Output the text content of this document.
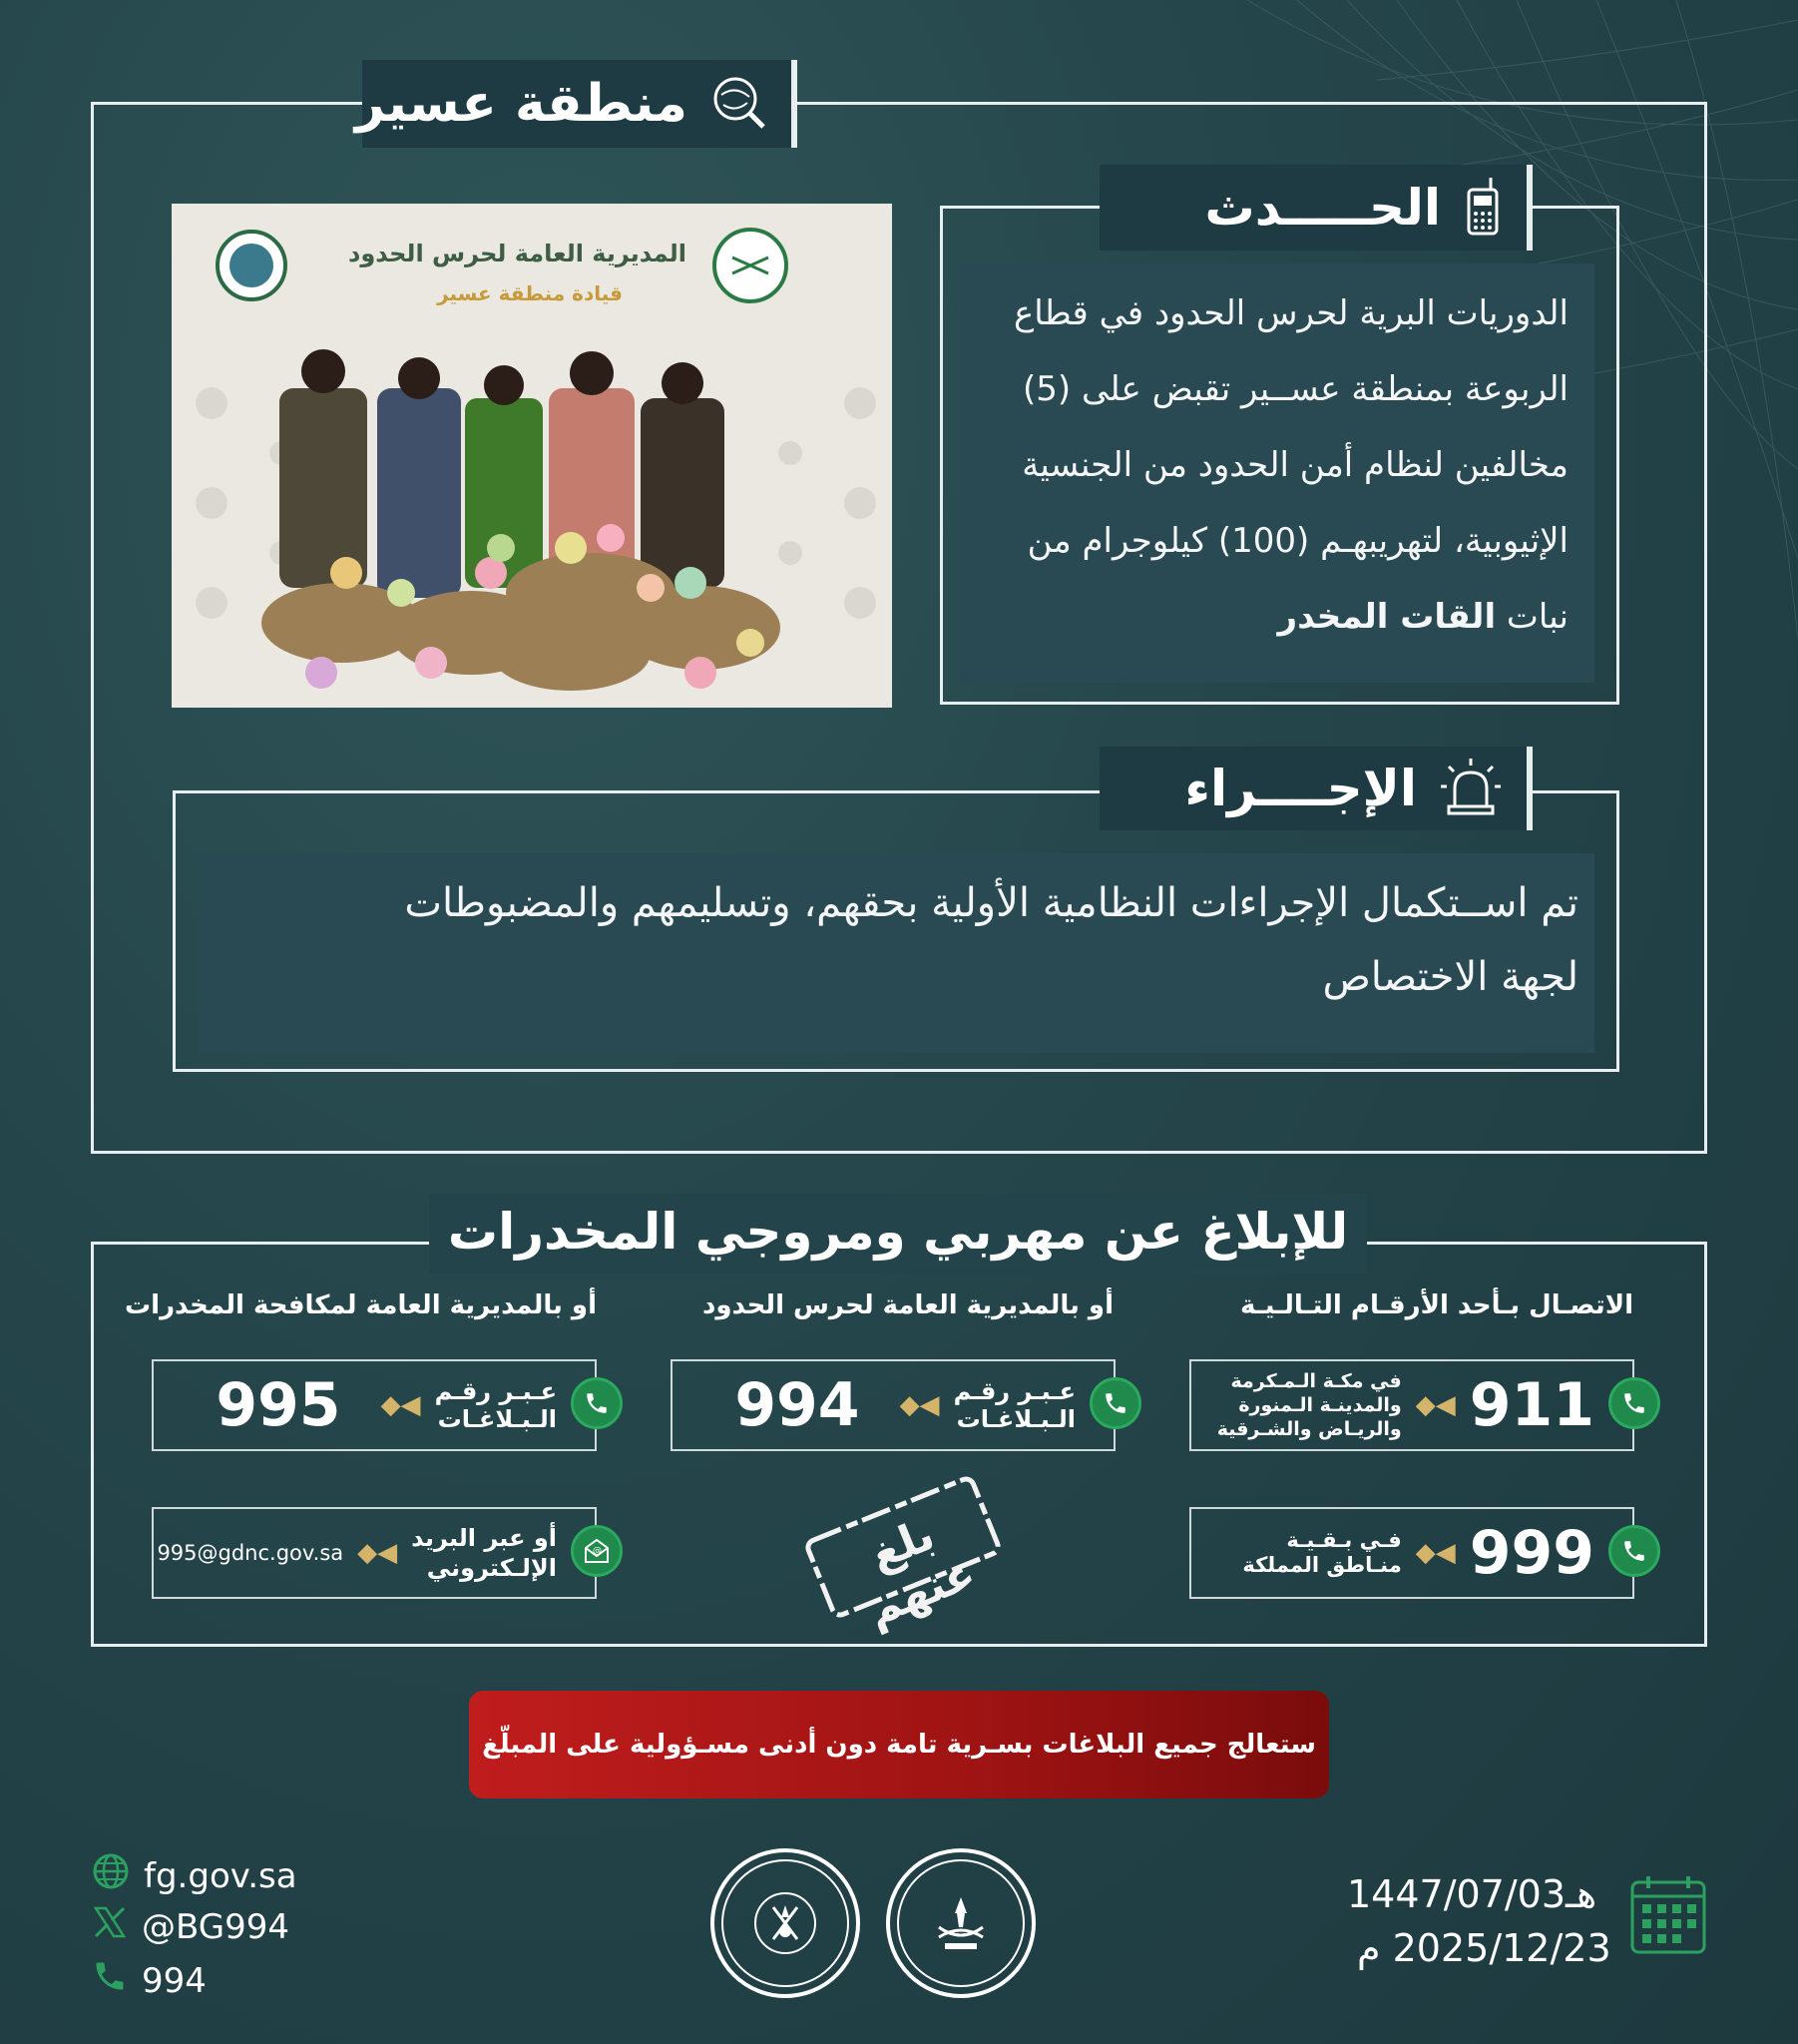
منطقة عسير
المديرية العامة لحرس الحدود
قيادة منطقة عسير
الحـــــدث
الدوريات البرية لحرس الحدود في قطاع
الربوعة بمنطقة عســير تقبض على (5)
مخالفين لنظام أمن الحدود من الجنسية
الإثيوبية، لتهريبهـم (100) كيلوجرام من
نبات القات المخدر
الإجــــراء
تم اســتكمال الإجراءات النظامية الأولية بحقهم، وتسليمهم والمضبوطات
لجهة الاختصاص
للإبلاغ عن مهربي ومروجي المخدرات
الاتصـال بـأحد الأرقـام التـالـيـة
أو بالمديرية العامة لحرس الحدود
أو بالمديرية العامة لمكافحة المخدرات
911
◆◀
في مكـة الـمـكرمة
والمدينـة الـمنورة
والريـاض والشـرقية
999
◆◀
فـي بـقـيـة
منـاطق المملكة
عـبـر رقـم
الـبـلاغـات
◆◀
994
عـبـر رقـم
الـبـلاغـات
◆◀
995
أو عبر البريد
الإلـكتروني
◆◀
995@gdnc.gov.sa	@	بلغ عنهم
ستعالج جميع البلاغات بسـرية تامة دون أدنى مسـؤولية على المبلّغ
fg.gov.sa
@BG994
994
1447/07/03هـ
2025/12/23 م
